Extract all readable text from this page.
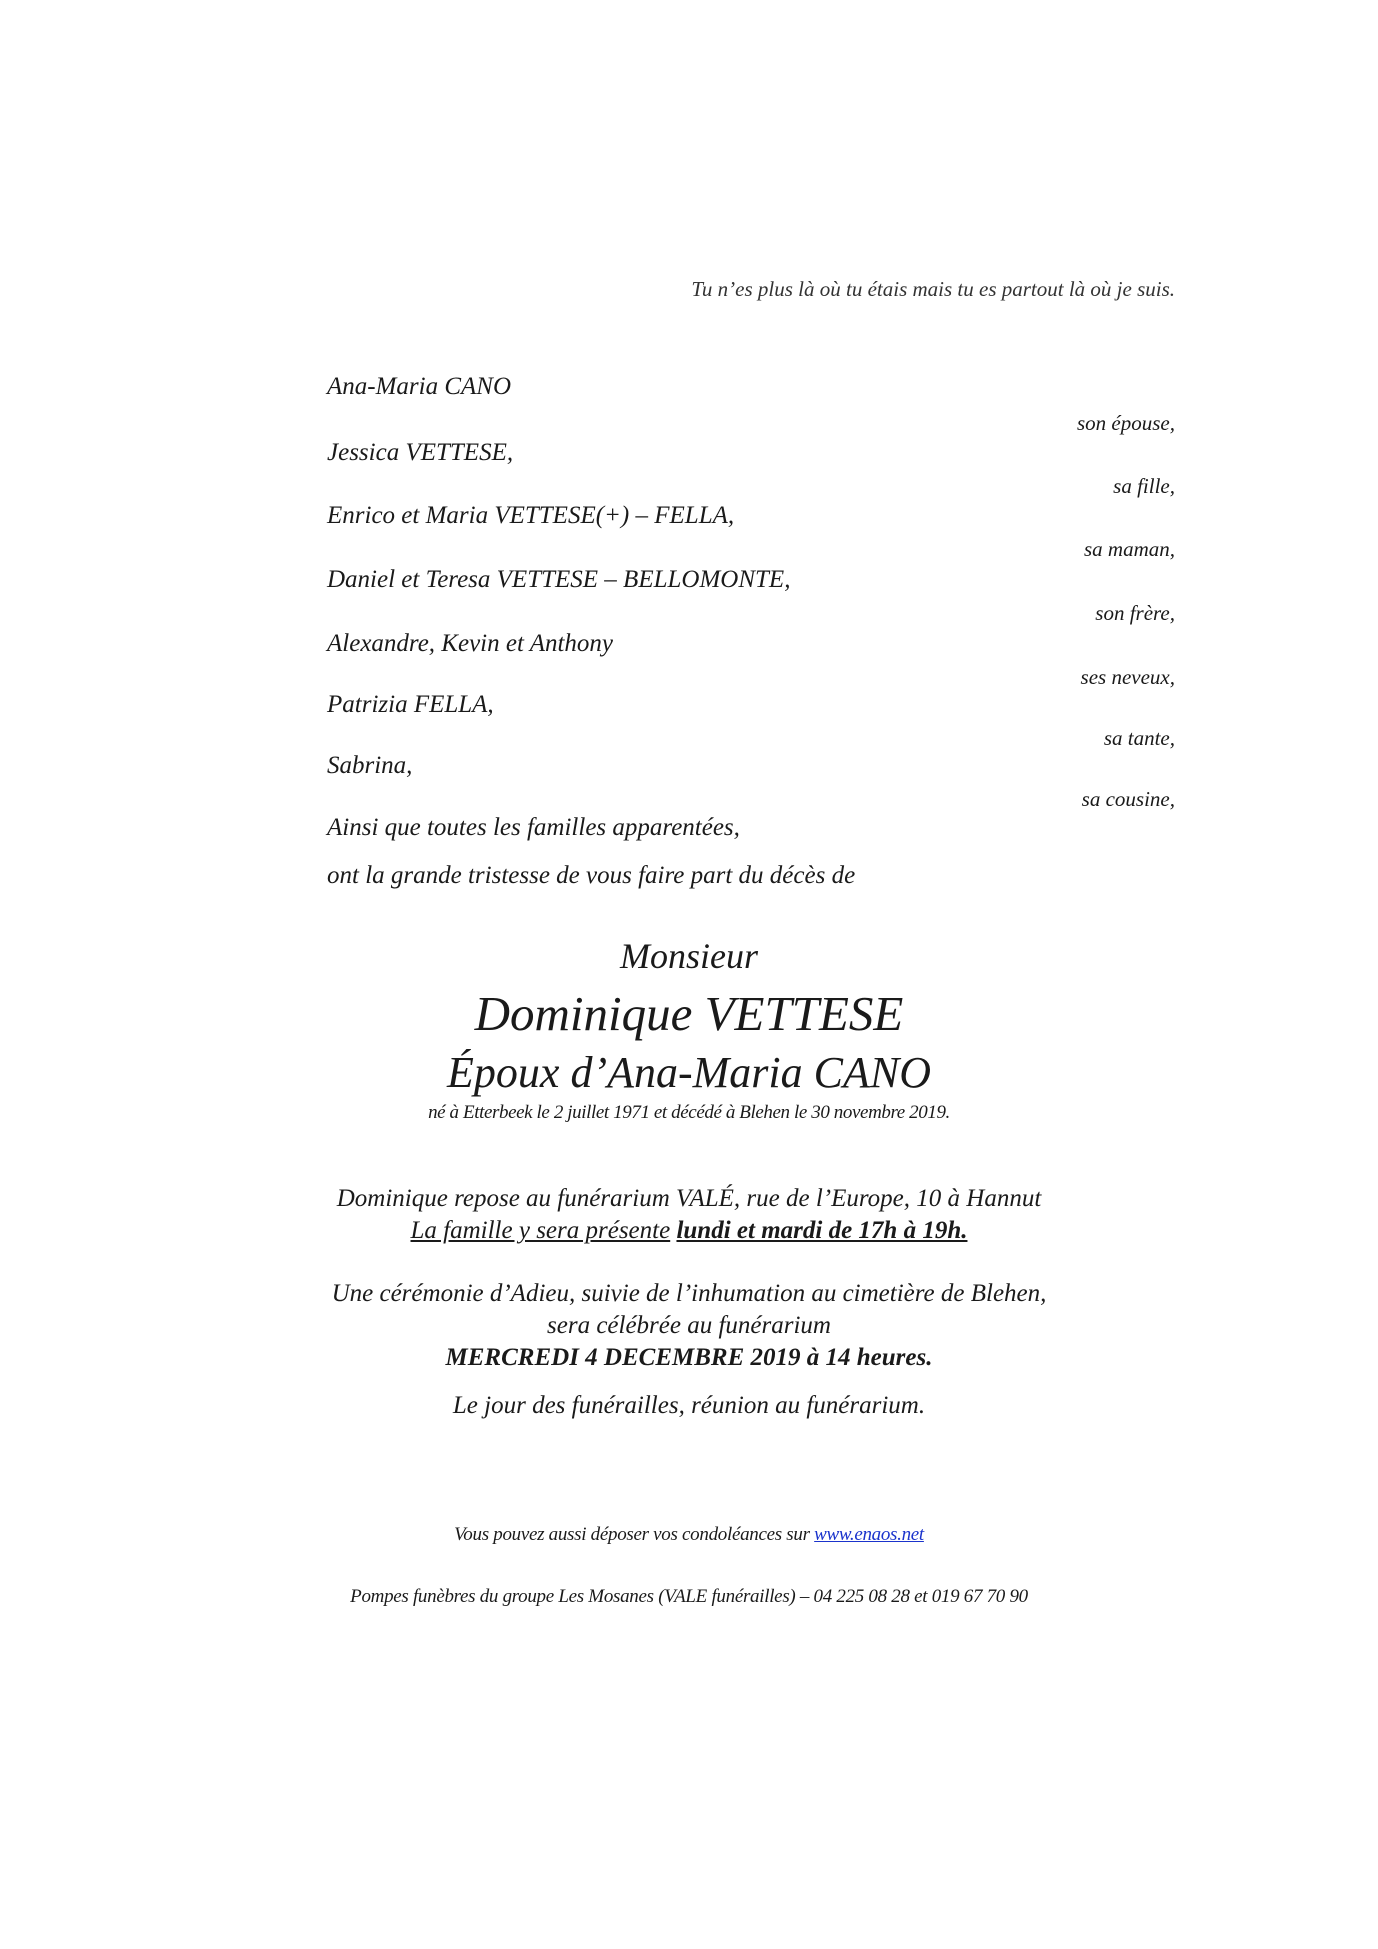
Tu n’es plus là où tu étais mais tu es partout là où je suis.
Ana-Maria CANO
son épouse,
Jessica VETTESE,
sa fille,
Enrico et Maria VETTESE(+) – FELLA,
sa maman,
Daniel et Teresa VETTESE – BELLOMONTE,
son frère,
Alexandre, Kevin et Anthony
ses neveux,
Patrizia FELLA,
sa tante,
Sabrina,
sa cousine,
Ainsi que toutes les familles apparentées,
ont la grande tristesse de vous faire part du décès de
Monsieur
Dominique VETTESE
Époux d’Ana-Maria CANO
né à Etterbeek le 2 juillet 1971 et décédé à Blehen le 30 novembre 2019.
Dominique repose au funérarium VALÉ, rue de l’Europe, 10 à Hannut
La famille y sera présente lundi et mardi de 17h à 19h.
Une cérémonie d’Adieu, suivie de l’inhumation au cimetière de Blehen,
sera célébrée au funérarium
MERCREDI 4 DECEMBRE 2019 à 14 heures.
Le jour des funérailles, réunion au funérarium.
Vous pouvez aussi déposer vos condoléances sur www.enaos.net
Pompes funèbres du groupe Les Mosanes (VALE funérailles) – 04 225 08 28 et 019 67 70 90
